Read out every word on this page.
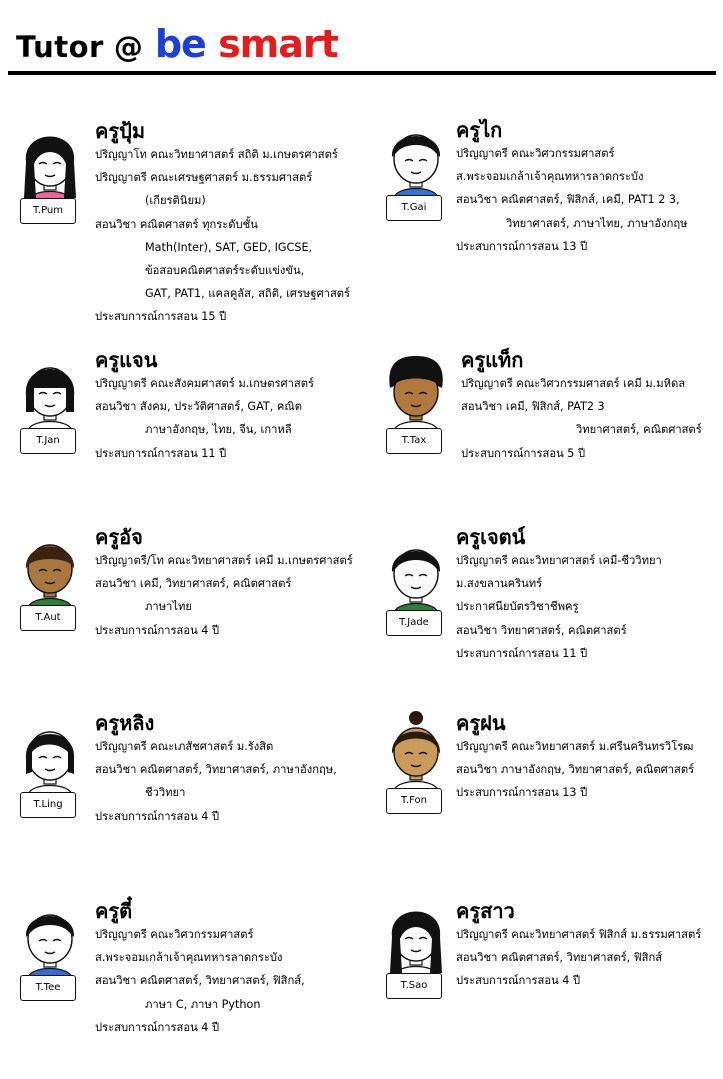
Tutor @ be smart
T.Pum
ครูปุ้ม
ปริญญาโท คณะวิทยาศาสตร์ สถิติ ม.เกษตรศาสตร์
ปริญญาตรี คณะเศรษฐศาสตร์ ม.ธรรมศาสตร์
(เกียรตินิยม)
สอนวิชา คณิตศาสตร์ ทุกระดับชั้น
Math(Inter), SAT, GED, IGCSE,
ข้อสอบคณิตศาสตร์ระดับแข่งขัน,
GAT, PAT1, แคลคูลัส, สถิติ, เศรษฐศาสตร์
ประสบการณ์การสอน 15 ปี
T.Gai
ครูไก
ปริญญาตรี คณะวิศวกรรมศาสตร์
ส.พระจอมเกล้าเจ้าคุณทหารลาดกระบัง
สอนวิชา คณิตศาสตร์, ฟิสิกส์, เคมี, PAT1 2 3,
วิทยาศาสตร์, ภาษาไทย, ภาษาอังกฤษ
ประสบการณ์การสอน 13 ปี
T.Jan
ครูแจน
ปริญญาตรี คณะสังคมศาสตร์ ม.เกษตรศาสตร์
สอนวิชา สังคม, ประวัติศาสตร์, GAT, คณิต
ภาษาอังกฤษ, ไทย, จีน, เกาหลี
ประสบการณ์การสอน 11 ปี
T.Tax
ครูแท็ก
ปริญญาตรี คณะวิศวกรรมศาสตร์ เคมี ม.มหิดล
สอนวิชา เคมี, ฟิสิกส์, PAT2 3
วิทยาศาสตร์, คณิตศาสตร์
ประสบการณ์การสอน 5 ปี
T.Aut
ครูอัจ
ปริญญาตรี/โท คณะวิทยาศาสตร์ เคมี ม.เกษตรศาสตร์
สอนวิชา เคมี, วิทยาศาสตร์, คณิตศาสตร์
ภาษาไทย
ประสบการณ์การสอน 4 ปี
T.Jade
ครูเจตน์
ปริญญาตรี คณะวิทยาศาสตร์ เคมี-ชีววิทยา
ม.สงขลานครินทร์
ประกาศนียบัตรวิชาชีพครู
สอนวิชา วิทยาศาสตร์, คณิตศาสตร์
ประสบการณ์การสอน 11 ปี
T.Ling
ครูหลิง
ปริญญาตรี คณะเภสัชศาสตร์ ม.รังสิต
สอนวิชา คณิตศาสตร์, วิทยาศาสตร์, ภาษาอังกฤษ,
ชีววิทยา
ประสบการณ์การสอน 4 ปี
T.Fon
ครูฝน
ปริญญาตรี คณะวิทยาศาสตร์ ม.ศรีนครินทรวิโรฒ
สอนวิชา ภาษาอังกฤษ, วิทยาศาสตร์, คณิตศาสตร์
ประสบการณ์การสอน 13 ปี
T.Tee
ครูตี๋
ปริญญาตรี คณะวิศวกรรมศาสตร์
ส.พระจอมเกล้าเจ้าคุณทหารลาดกระบัง
สอนวิชา คณิตศาสตร์, วิทยาศาสตร์, ฟิสิกส์,
ภาษา C, ภาษา Python
ประสบการณ์การสอน 4 ปี
T.Sao
ครูสาว
ปริญญาตรี คณะวิทยาศาสตร์ ฟิสิกส์ ม.ธรรมศาสตร์
สอนวิชา คณิตศาสตร์, วิทยาศาสตร์, ฟิสิกส์
ประสบการณ์การสอน 4 ปี
